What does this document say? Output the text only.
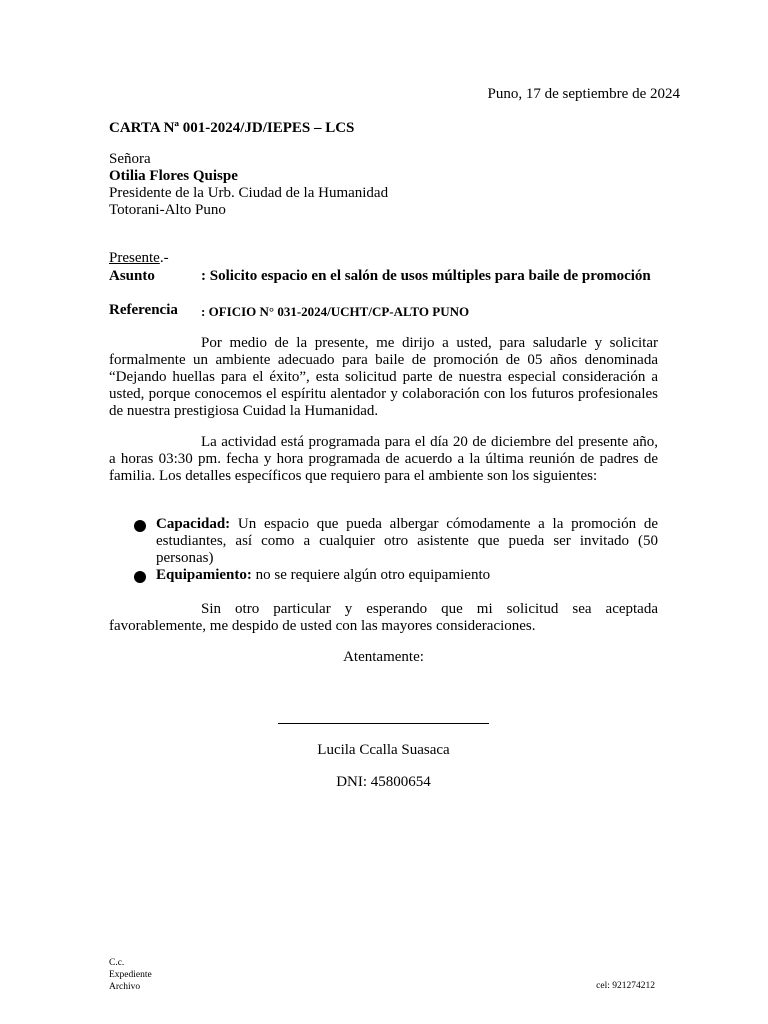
Puno, 17 de septiembre de 2024
CARTA Nª 001-2024/JD/IEPES – LCS
Señora
Otilia Flores Quispe
Presidente de la Urb. Ciudad de la Humanidad
Totorani-Alto Puno
Presente.-
Asunto	: Solicito espacio en el salón de usos múltiples para baile de promoción
Referencia : OFICIO N° 031-2024/UCHT/CP-ALTO PUNO

Por medio de la presente, me dirijo a usted, para saludarle y solicitar formalmente un ambiente adecuado para baile de promoción de 05 años denominada “Dejando huellas para el éxito”, esta solicitud parte de nuestra especial consideración a usted, porque conocemos el espíritu alentador y colaboración con los futuros profesionales de nuestra prestigiosa Cuidad la Humanidad.

La actividad está programada para el día 20 de diciembre del presente año, a horas 03:30 pm. fecha y hora programada de acuerdo a la última reunión de padres de familia. Los detalles específicos que requiero para el ambiente son los siguientes:

Capacidad: Un espacio que pueda albergar cómodamente a la promoción de estudiantes, así como a cualquier otro asistente que pueda ser invitado (50 personas)
Equipamiento: no se requiere algún otro equipamiento

Sin otro particular y esperando que mi solicitud sea aceptada favorablemente, me despido de usted con las mayores consideraciones.

Atentamente:
Lucila Ccalla Suasaca
DNI: 45800654
C.c.
Expediente
Archivo	cel: 921274212
